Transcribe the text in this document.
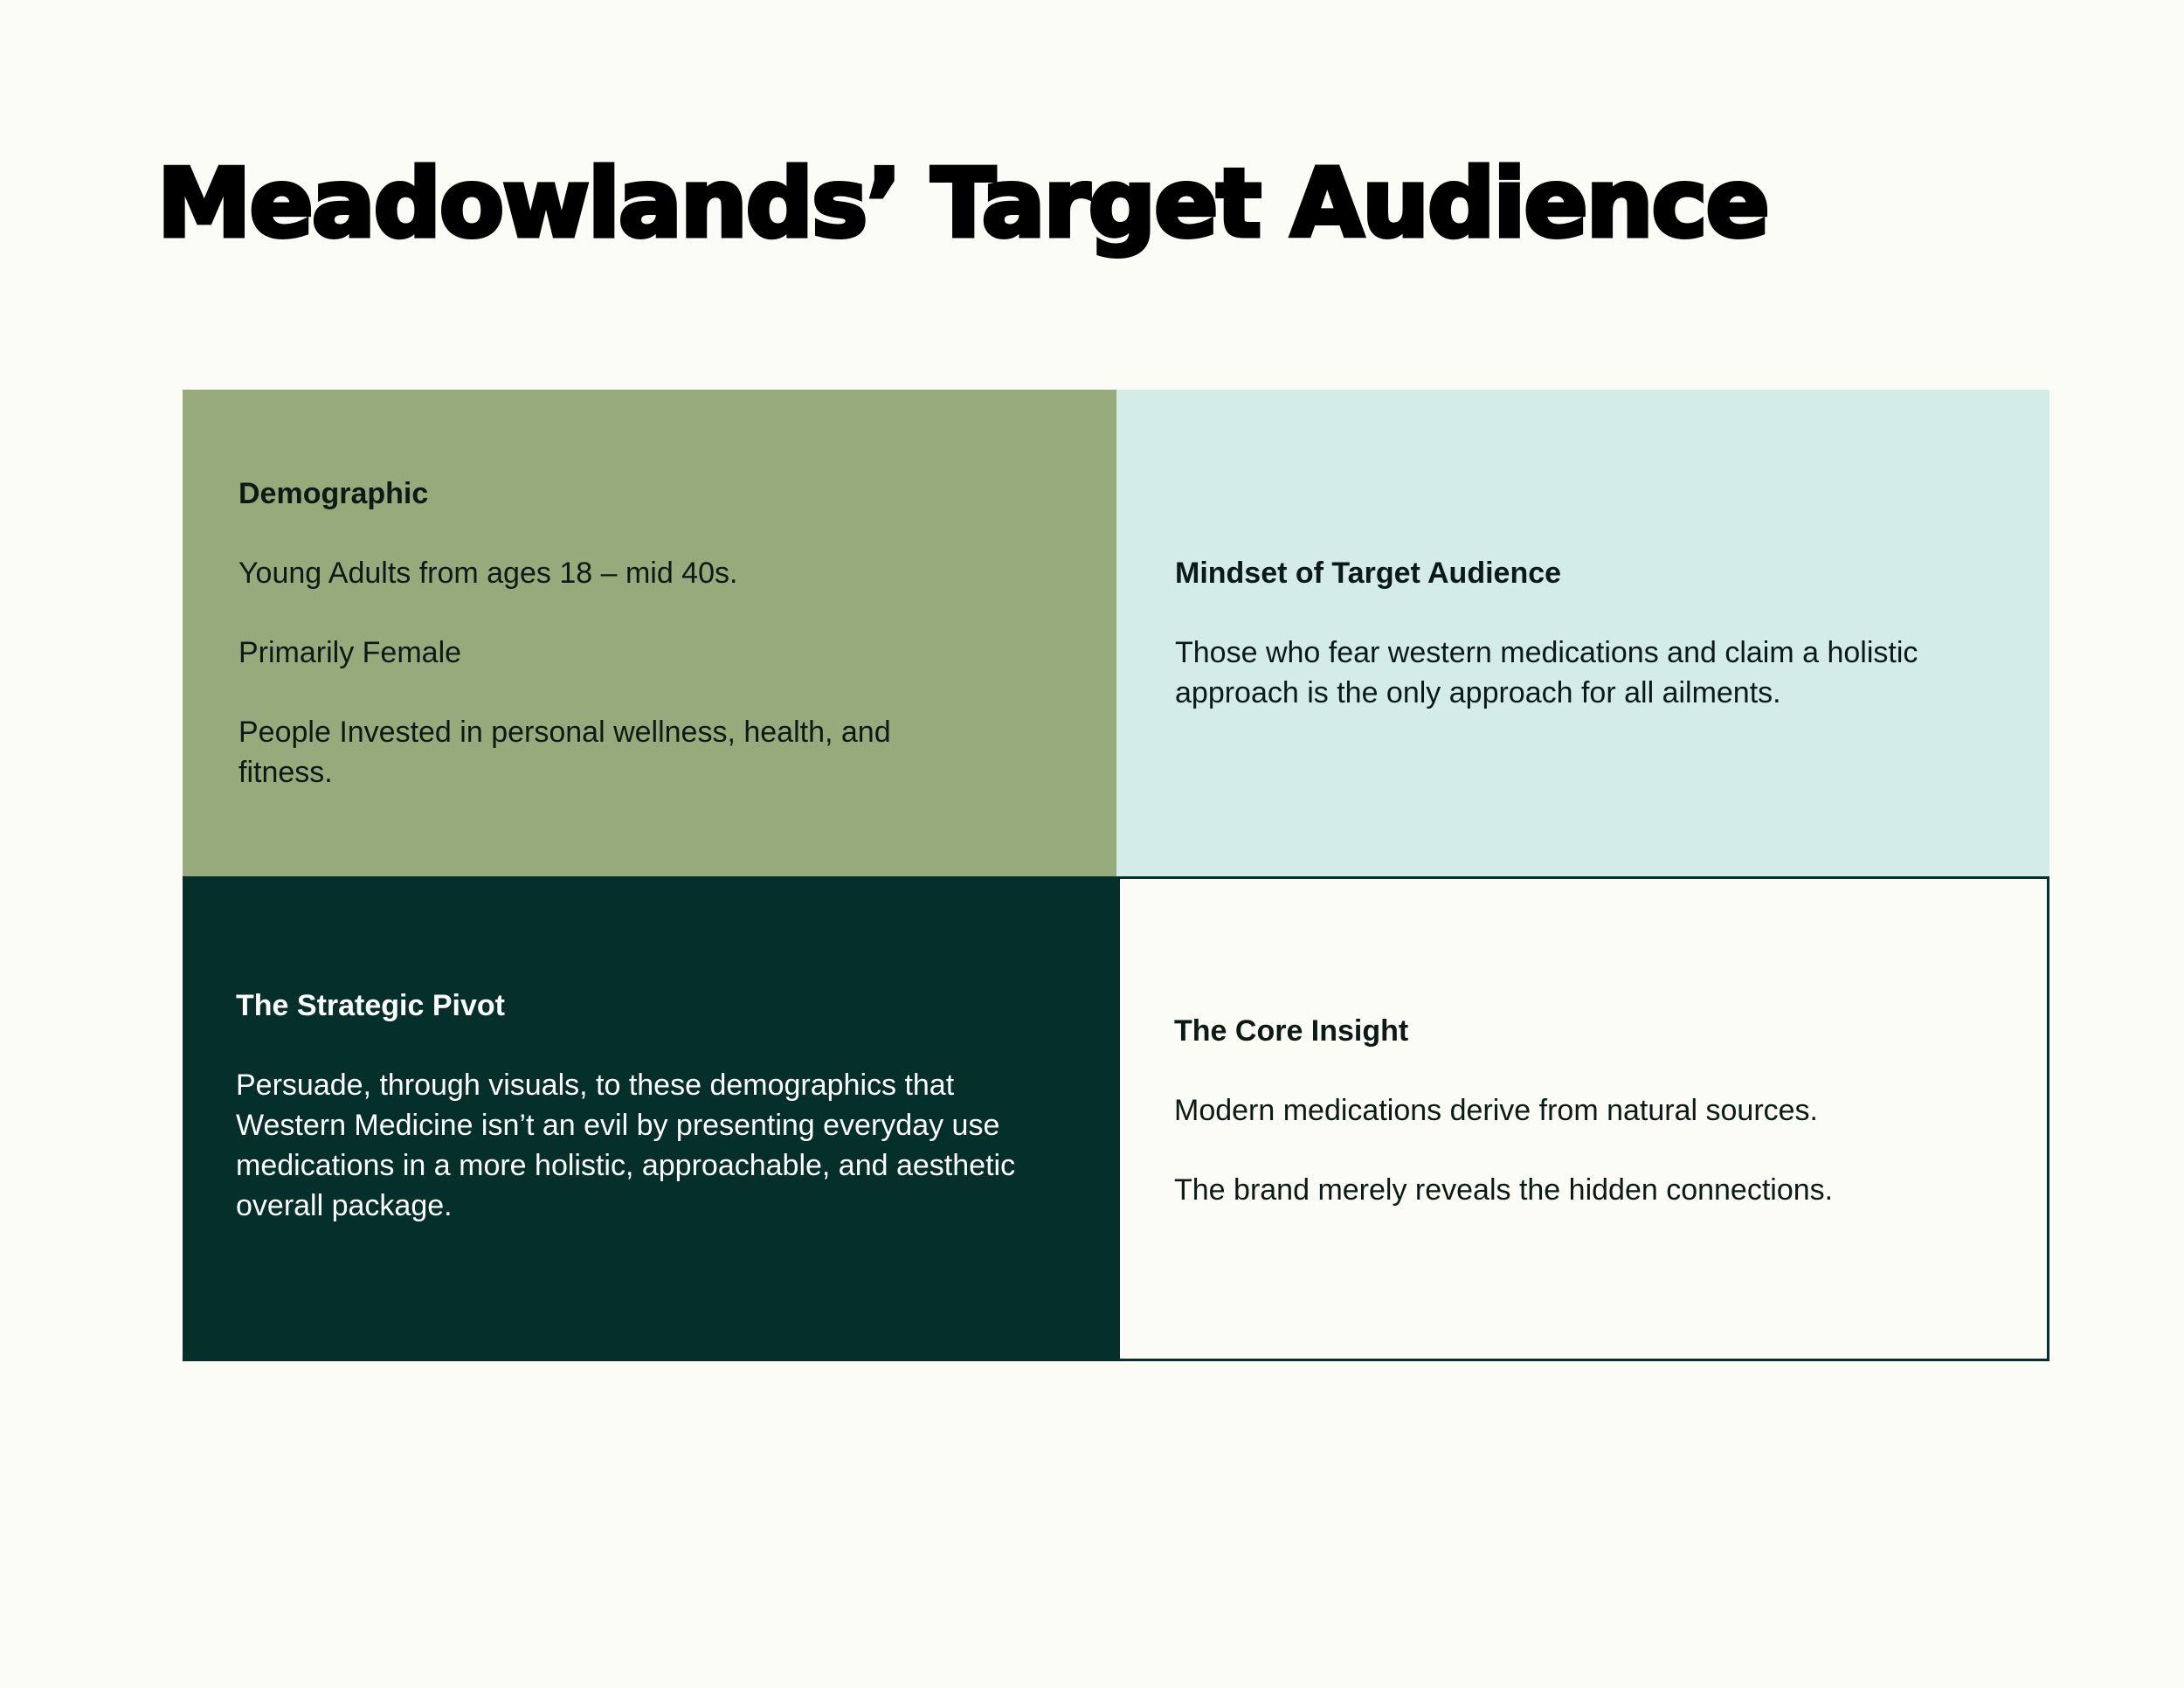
Meadowlands’ Target Audience

Demographic

Young Adults from ages 18 – mid 40s.

Primarily Female

People Invested in personal wellness, health, and fitness.

Mindset of Target Audience

Those who fear western medications and claim a holistic approach is the only approach for all ailments.

The Strategic Pivot

Persuade, through visuals, to these demographics that Western Medicine isn’t an evil by presenting everyday use medications in a more holistic, approachable, and aesthetic overall package.

The Core Insight

Modern medications derive from natural sources.

The brand merely reveals the hidden connections.
